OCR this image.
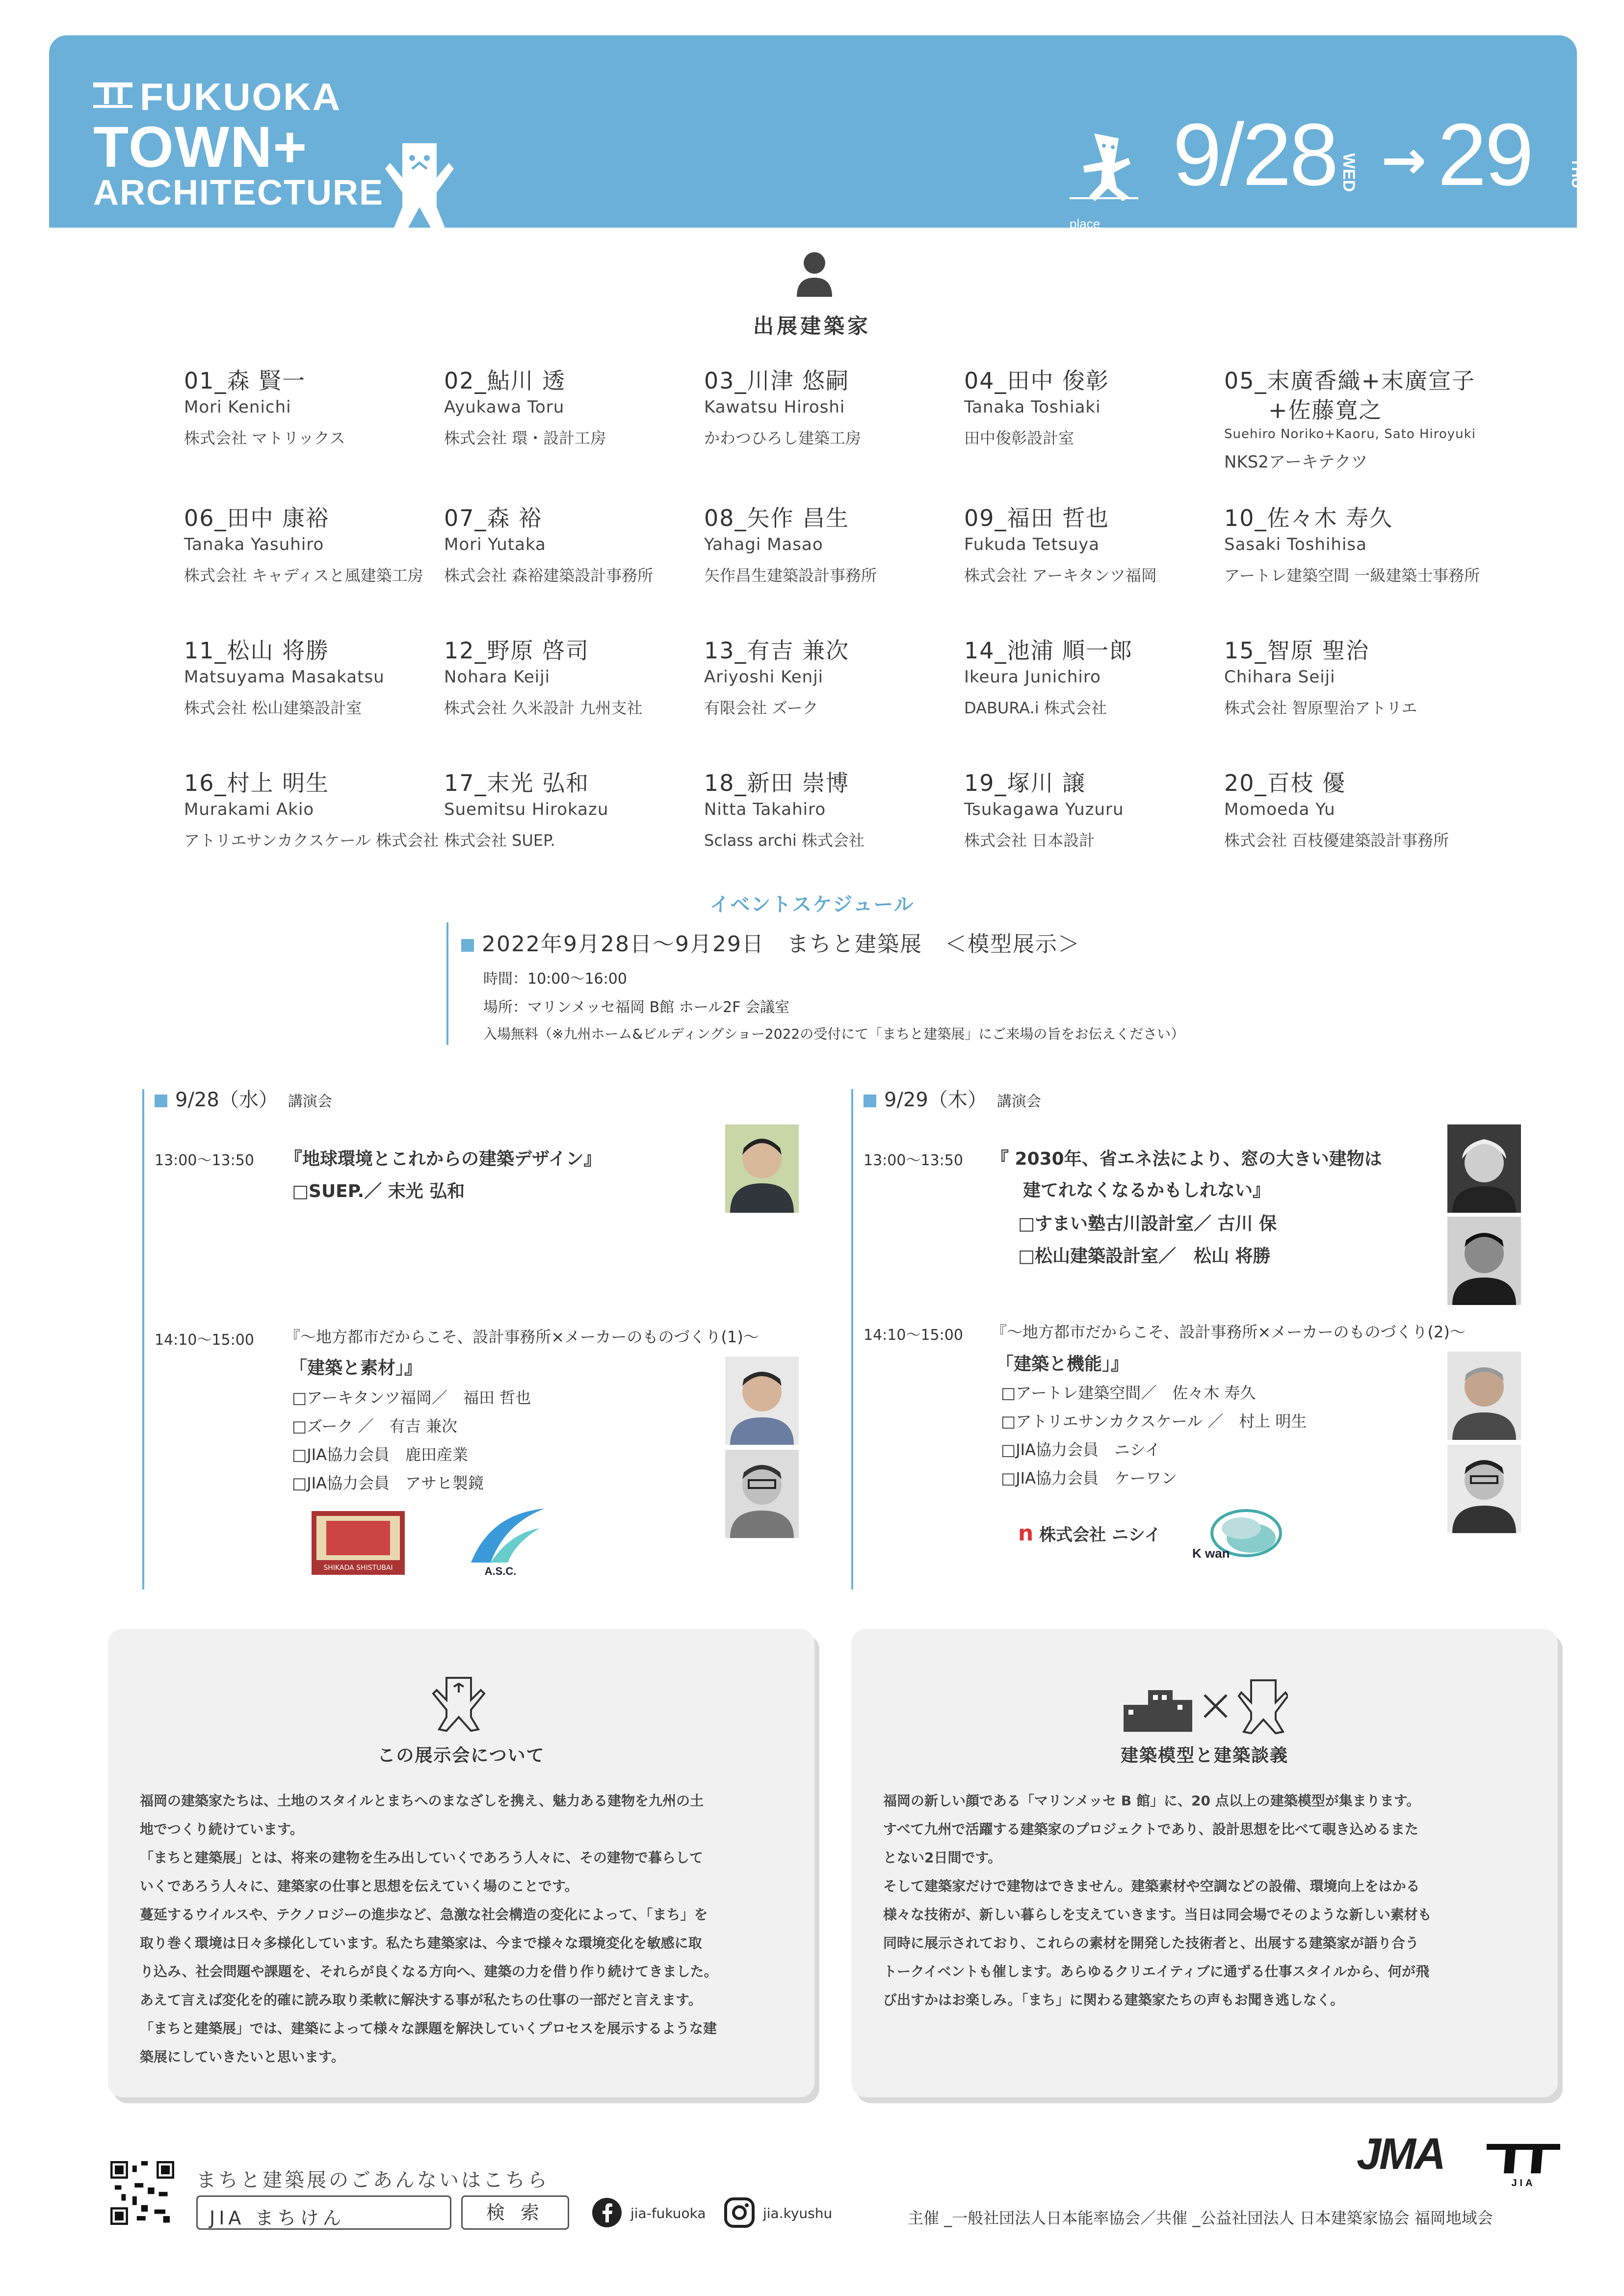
FUKUOKA
TOWN+
ARCHITECTURE	9/28 WED → 29 THU
place
and time マリンメッセ福岡 B館 ホール 2F 会議室 10:00 -16:00
出展建築家
01_森 賢一
Mori Kenichi
株式会社 マトリックス
02_鮎川 透
Ayukawa Toru
株式会社 環・設計工房
03_川津 悠嗣
Kawatsu Hiroshi
かわつひろし建築工房
04_田中 俊彰
Tanaka Toshiaki
田中俊彰設計室
05_末廣香織+末廣宣子
+佐藤寛之
Suehiro Noriko+Kaoru, Sato Hiroyuki
NKS2アーキテクツ
06_田中 康裕
Tanaka Yasuhiro
株式会社 キャディスと風建築工房
07_森 裕
Mori Yutaka
株式会社 森裕建築設計事務所
08_矢作 昌生
Yahagi Masao
矢作昌生建築設計事務所
09_福田 哲也
Fukuda Tetsuya
株式会社 アーキタンツ福岡
10_佐々木 寿久
Sasaki Toshihisa
アートレ建築空間 一級建築士事務所
11_松山 将勝
Matsuyama Masakatsu
株式会社 松山建築設計室
12_野原 啓司
Nohara Keiji
株式会社 久米設計 九州支社
13_有吉 兼次
Ariyoshi Kenji
有限会社 ズーク
14_池浦 順一郎
Ikeura Junichiro
DABURA.i 株式会社
15_智原 聖治
Chihara Seiji
株式会社 智原聖治アトリエ
16_村上 明生
Murakami Akio
アトリエサンカクスケール 株式会社
17_末光 弘和
Suemitsu Hirokazu
株式会社 SUEP.
18_新田 崇博
Nitta Takahiro
Sclass archi 株式会社
19_塚川 譲
Tsukagawa Yuzuru
株式会社 日本設計
20_百枝 優
Momoeda Yu
株式会社 百枝優建築設計事務所
イベントスケジュール
2022年9月28日～9月29日　まちと建築展　＜模型展示＞
時間：10:00～16:00
場所：マリンメッセ福岡 B館 ホール2F 会議室
入場無料（※九州ホーム&ビルディングショー2022の受付にて「まちと建築展」にご来場の旨をお伝えください）
9/28（水） 講演会
13:00～13:50 『地球環境とこれからの建築デザイン』
□SUEP.／ 末光 弘和
14:10～15:00 『～地方都市だからこそ、設計事務所×メーカーのものづくり(1)～
「建築と素材」』
□アーキタンツ福岡／　福田 哲也
□ズーク ／　有吉 兼次
□JIA協力会員　鹿田産業
□JIA協力会員　アサヒ製鏡
SHIKADA SHISTUBAI	A.S.C.
9/29（木） 講演会
13:00～13:50 『 2030年、省エネ法により、窓の大きい建物は
建てれなくなるかもしれない』
□すまい塾古川設計室／ 古川 保
□松山建築設計室／　松山 将勝
14:10～15:00 『～地方都市だからこそ、設計事務所×メーカーのものづくり(2)～
「建築と機能」』
□アートレ建築空間／　佐々木 寿久
□アトリエサンカクスケール ／　村上 明生
□JIA協力会員　ニシイ
□JIA協力会員　ケーワン
n 株式会社 ニシイ
K wan
この展示会について

福岡の建築家たちは、土地のスタイルとまちへのまなざしを携え、魅力ある建物を九州の土

地でつくり続けています。

「まちと建築展」とは、将来の建物を生み出していくであろう人々に、その建物で暮らして

いくであろう人々に、建築家の仕事と思想を伝えていく場のことです。

蔓延するウイルスや、テクノロジーの進歩など、急激な社会構造の変化によって、「まち」を

取り巻く環境は日々多様化しています。私たち建築家は、今まで様々な環境変化を敏感に取

り込み、社会問題や課題を、それらが良くなる方向へ、建築の力を借り作り続けてきました。

あえて言えば変化を的確に読み取り柔軟に解決する事が私たちの仕事の一部だと言えます。

「まちと建築展」では、建築によって様々な課題を解決していくプロセスを展示するような建

築展にしていきたいと思います。

建築模型と建築談義

福岡の新しい顔である「マリンメッセ B 館」に、20 点以上の建築模型が集まります。

すべて九州で活躍する建築家のプロジェクトであり、設計思想を比べて覗き込めるまた

とない2日間です。

そして建築家だけで建物はできません。建築素材や空調などの設備、環境向上をはかる

様々な技術が、新しい暮らしを支えていきます。当日は同会場でそのような新しい素材も

同時に展示されており、これらの素材を開発した技術者と、出展する建築家が語り合う

トークイベントも催します。あらゆるクリエイティブに通ずる仕事スタイルから、何が飛

び出すかはお楽しみ。「まち」に関わる建築家たちの声もお聞き逃しなく。

まちと建築展のごあんないはこちら
JIA まちけん	検 索	jia-fukuoka	jia.kyushu
JMA
JIA
主催 _一般社団法人日本能率協会／共催 _公益社団法人 日本建築家協会 福岡地域会
